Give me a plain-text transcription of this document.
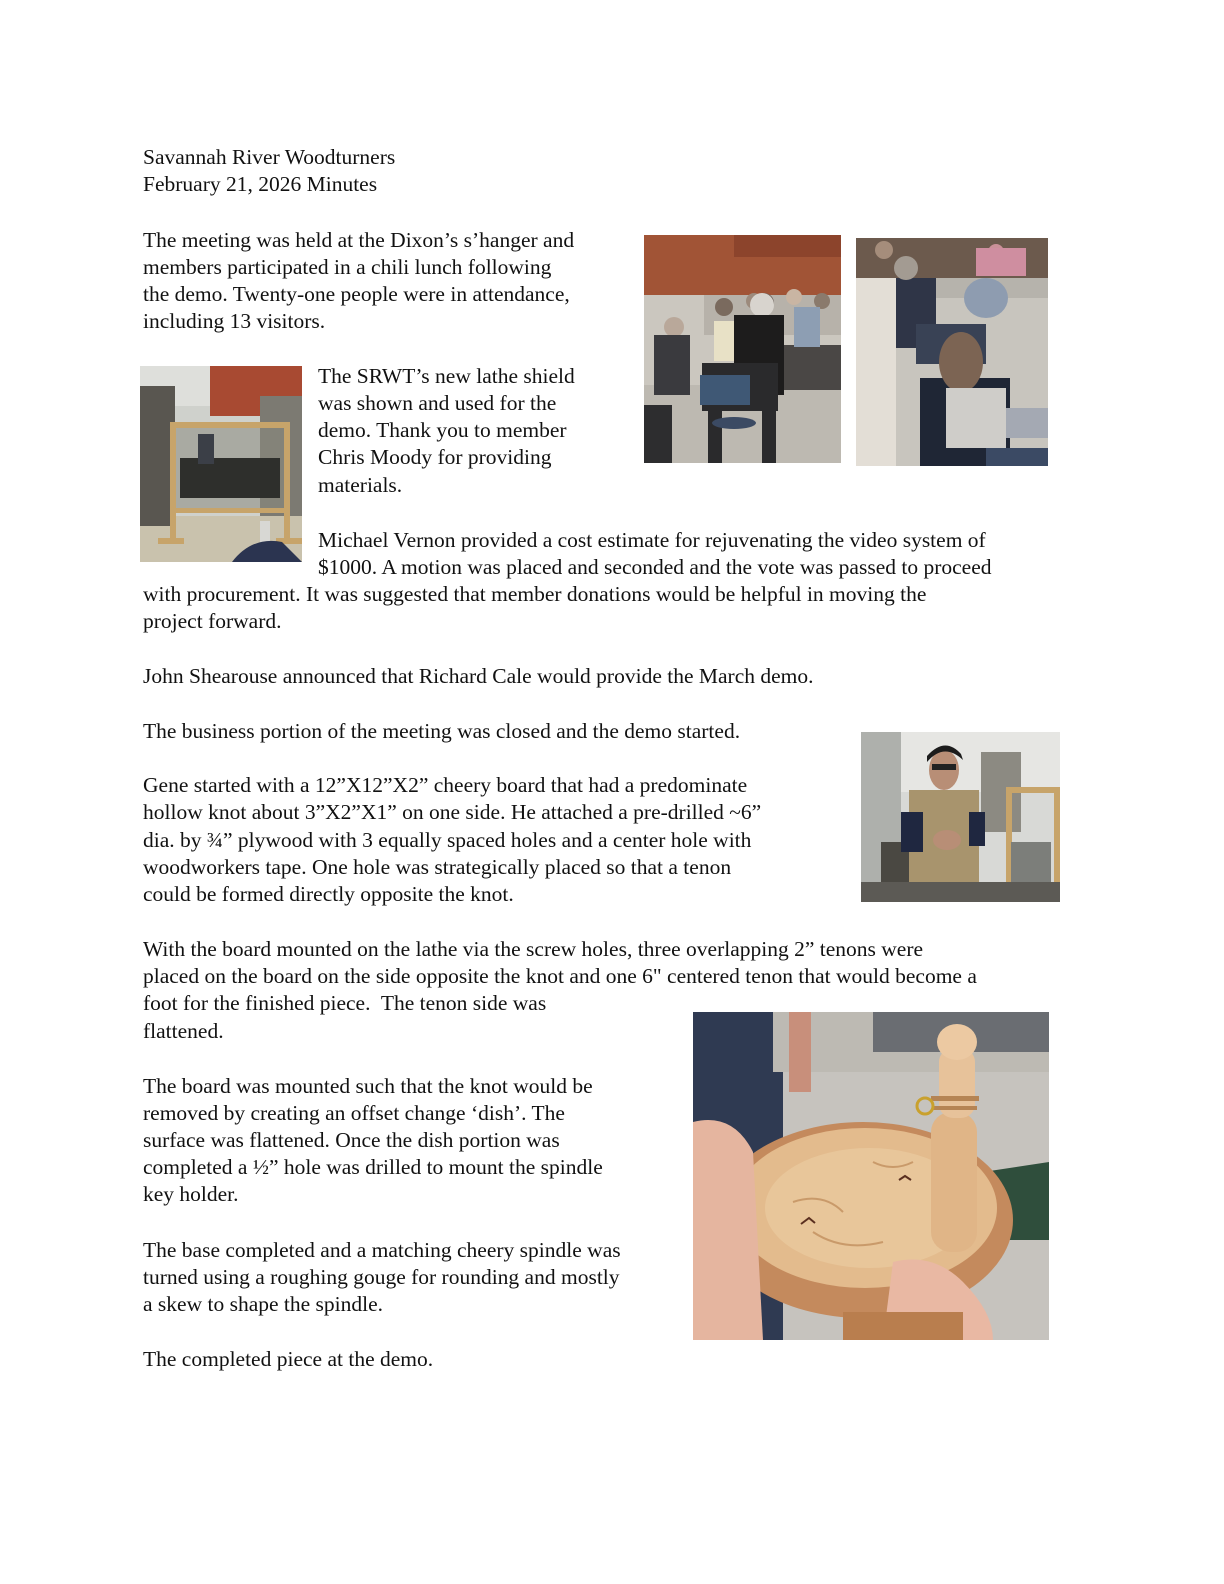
Savannah River Woodturners
February 21, 2026 Minutes
The meeting was held at the Dixon’s s’hanger and
members participated in a chili lunch following
the demo. Twenty-one people were in attendance,
including 13 visitors.
The SRWT’s new lathe shield
was shown and used for the
demo. Thank you to member
Chris Moody for providing
materials.
Michael Vernon provided a cost estimate for rejuvenating the video system of
$1000. A motion was placed and seconded and the vote was passed to proceed
with procurement. It was suggested that member donations would be helpful in moving the
project forward.
John Shearouse announced that Richard Cale would provide the March demo.
The business portion of the meeting was closed and the demo started.
Gene started with a 12”X12”X2” cheery board that had a predominate
hollow knot about 3”X2”X1” on one side. He attached a pre-drilled ~6”
dia. by ¾” plywood with 3 equally spaced holes and a center hole with
woodworkers tape. One hole was strategically placed so that a tenon
could be formed directly opposite the knot.
With the board mounted on the lathe via the screw holes, three overlapping 2” tenons were
placed on the board on the side opposite the knot and one 6" centered tenon that would become a
foot for the finished piece.  The tenon side was
flattened.
The board was mounted such that the knot would be
removed by creating an offset change ‘dish’. The
surface was flattened. Once the dish portion was
completed a ½” hole was drilled to mount the spindle
key holder.
The base completed and a matching cheery spindle was
turned using a roughing gouge for rounding and mostly
a skew to shape the spindle.
The completed piece at the demo.
